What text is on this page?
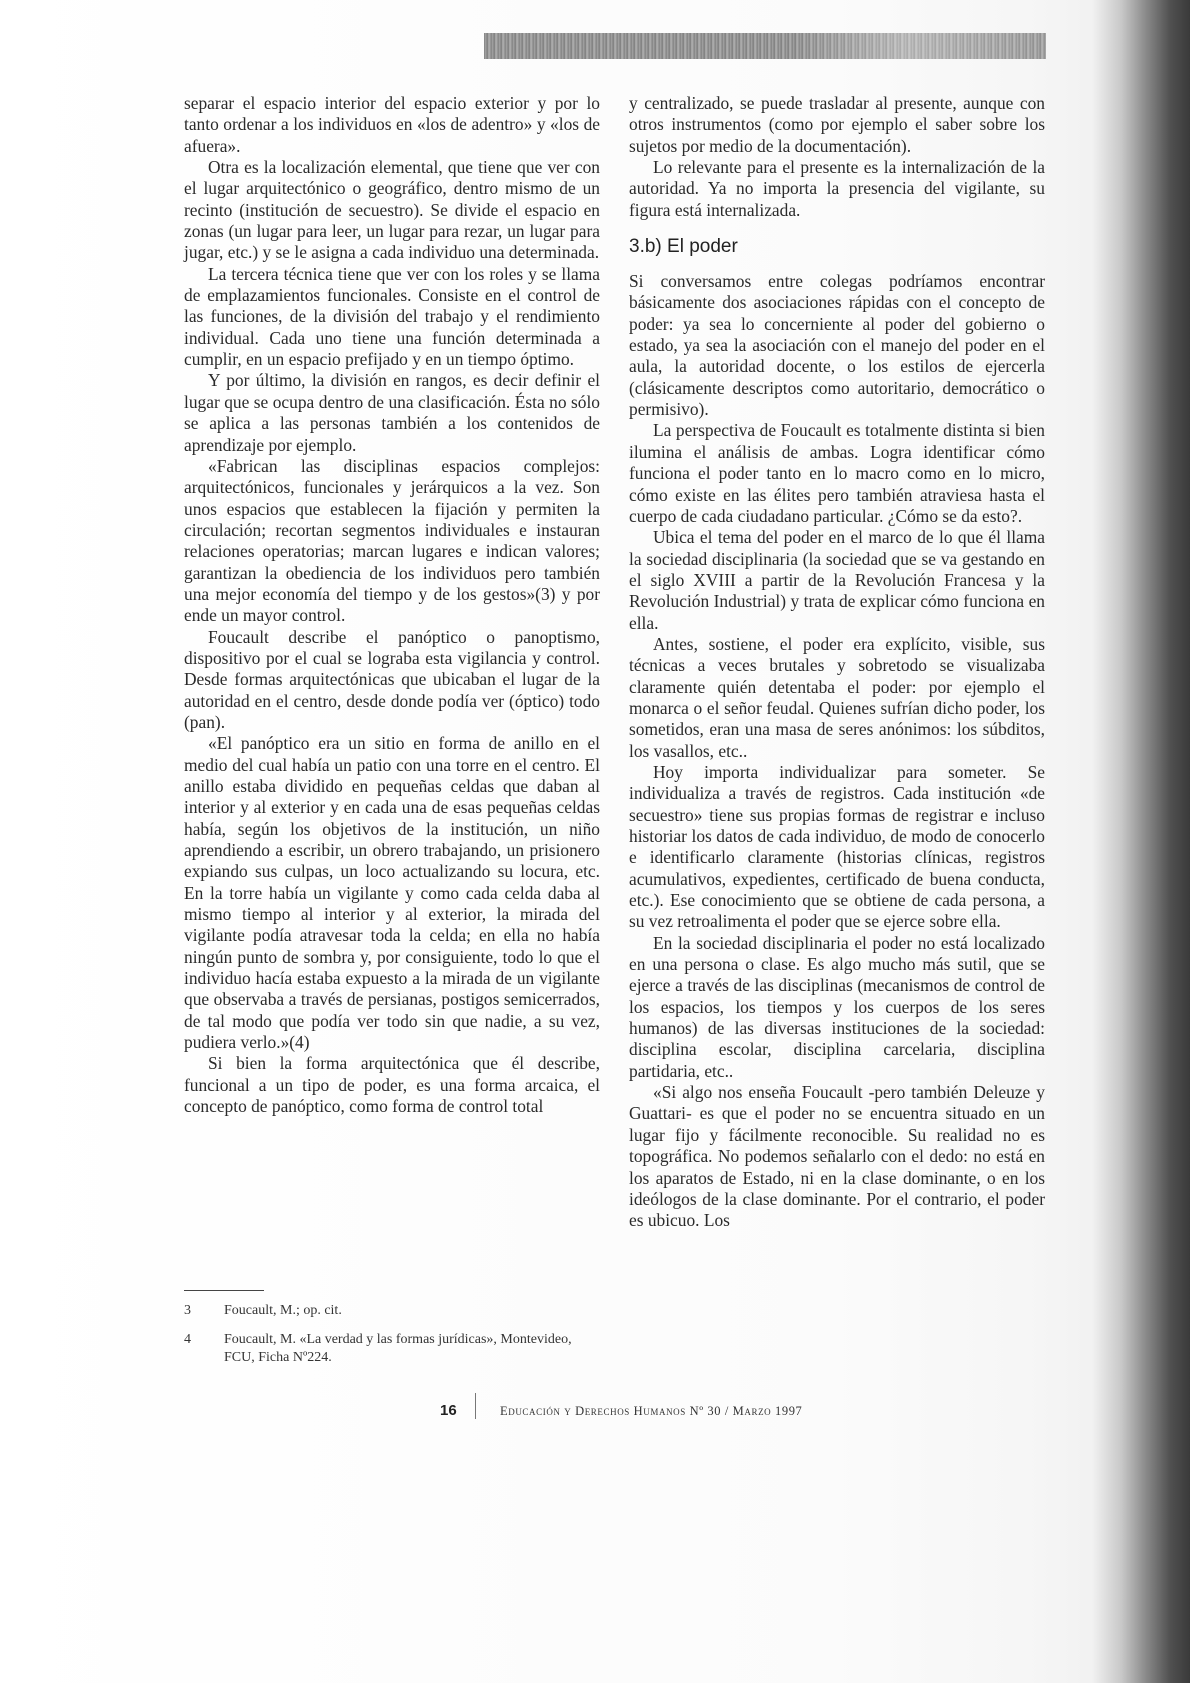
separar el espacio interior del espacio exterior y por lo tanto ordenar a los individuos en «los de adentro» y «los de afuera».

Otra es la localización elemental, que tiene que ver con el lugar arquitectónico o geográfico, dentro mismo de un recinto (institución de secuestro). Se divide el espacio en zonas (un lugar para leer, un lugar para rezar, un lugar para jugar, etc.) y se le asigna a cada individuo una determinada.

La tercera técnica tiene que ver con los roles y se llama de emplazamientos funcionales. Consiste en el control de las funciones, de la división del trabajo y el rendimiento individual. Cada uno tiene una función determinada a cumplir, en un espacio prefijado y en un tiempo óptimo.

Y por último, la división en rangos, es decir definir el lugar que se ocupa dentro de una clasificación. Ésta no sólo se aplica a las personas también a los contenidos de aprendizaje por ejemplo.

«Fabrican las disciplinas espacios complejos: arquitectónicos, funcionales y jerárquicos a la vez. Son unos espacios que establecen la fijación y permiten la circulación; recortan segmentos individuales e instauran relaciones operatorias; marcan lugares e indican valores; garantizan la obediencia de los individuos pero también una mejor economía del tiempo y de los gestos»(3) y por ende un mayor control.

Foucault describe el panóptico o panoptismo, dispositivo por el cual se lograba esta vigilancia y control. Desde formas arquitectónicas que ubicaban el lugar de la autoridad en el centro, desde donde podía ver (óptico) todo (pan).

«El panóptico era un sitio en forma de anillo en el medio del cual había un patio con una torre en el centro. El anillo estaba dividido en pequeñas celdas que daban al interior y al exterior y en cada una de esas pequeñas celdas había, según los objetivos de la institución, un niño aprendiendo a escribir, un obrero trabajando, un prisionero expiando sus culpas, un loco actualizando su locura, etc. En la torre había un vigilante y como cada celda daba al mismo tiempo al interior y al exterior, la mirada del vigilante podía atravesar toda la celda; en ella no había ningún punto de sombra y, por consiguiente, todo lo que el individuo hacía estaba expuesto a la mirada de un vigilante que observaba a través de persianas, postigos semicerrados, de tal modo que podía ver todo sin que nadie, a su vez, pudiera verlo.»(4)

Si bien la forma arquitectónica que él describe, funcional a un tipo de poder, es una forma arcaica, el concepto de panóptico, como forma de control total

y centralizado, se puede trasladar al presente, aunque con otros instrumentos (como por ejemplo el saber sobre los sujetos por medio de la documentación).

Lo relevante para el presente es la internalización de la autoridad. Ya no importa la presencia del vigilante, su figura está internalizada.

3.b) El poder

Si conversamos entre colegas podríamos encontrar básicamente dos asociaciones rápidas con el concepto de poder: ya sea lo concerniente al poder del gobierno o estado, ya sea la asociación con el manejo del poder en el aula, la autoridad docente, o los estilos de ejercerla (clásicamente descriptos como autoritario, democrático o permisivo).

La perspectiva de Foucault es totalmente distinta si bien ilumina el análisis de ambas. Logra identificar cómo funciona el poder tanto en lo macro como en lo micro, cómo existe en las élites pero también atraviesa hasta el cuerpo de cada ciudadano particular. ¿Cómo se da esto?.

Ubica el tema del poder en el marco de lo que él llama la sociedad disciplinaria (la sociedad que se va gestando en el siglo XVIII a partir de la Revolución Francesa y la Revolución Industrial) y trata de explicar cómo funciona en ella.

Antes, sostiene, el poder era explícito, visible, sus técnicas a veces brutales y sobretodo se visualizaba claramente quién detentaba el poder: por ejemplo el monarca o el señor feudal. Quienes sufrían dicho poder, los sometidos, eran una masa de seres anónimos: los súbditos, los vasallos, etc..

Hoy importa individualizar para someter. Se individualiza a través de registros. Cada institución «de secuestro» tiene sus propias formas de registrar e incluso historiar los datos de cada individuo, de modo de conocerlo e identificarlo claramente (historias clínicas, registros acumulativos, expedientes, certificado de buena conducta, etc.). Ese conocimiento que se obtiene de cada persona, a su vez retroalimenta el poder que se ejerce sobre ella.

En la sociedad disciplinaria el poder no está localizado en una persona o clase. Es algo mucho más sutil, que se ejerce a través de las disciplinas (mecanismos de control de los espacios, los tiempos y los cuerpos de los seres humanos) de las diversas instituciones de la sociedad: disciplina escolar, disciplina carcelaria, disciplina partidaria, etc..

«Si algo nos enseña Foucault -pero también Deleuze y Guattari- es que el poder no se encuentra situado en un lugar fijo y fácilmente reconocible. Su realidad no es topográfica. No podemos señalarlo con el dedo: no está en los aparatos de Estado, ni en la clase dominante, o en los ideólogos de la clase dominante. Por el contrario, el poder es ubicuo. Los

3	Foucault, M.; op. cit.
4	Foucault, M. «La verdad y las formas jurídicas», Montevideo, FCU, Ficha Nº224.
16	Educación y Derechos Humanos Nº 30 / Marzo 1997
